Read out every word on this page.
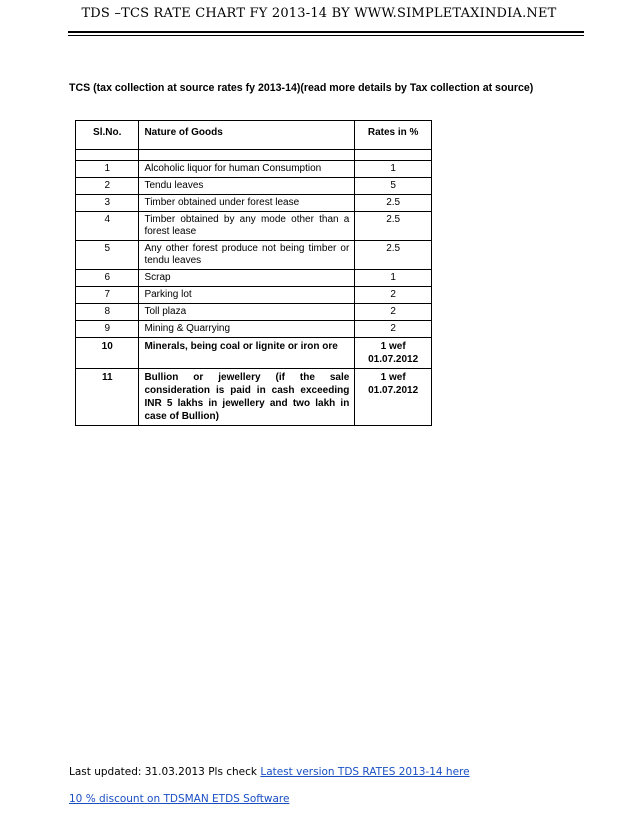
TDS –TCS RATE CHART FY 2013-14 BY WWW.SIMPLETAXINDIA.NET
TCS (tax collection at source rates fy 2013-14)(read more details by Tax collection at source)
Sl.No.	Nature of Goods	Rates in %

1	Alcoholic liquor for human Consumption	1
2	Tendu leaves	5
3	Timber obtained under forest lease	2.5
4	Timber obtained by any mode other than a forest lease	2.5
5	Any other forest produce not being timber or tendu leaves	2.5
6	Scrap	1
7	Parking lot	2
8	Toll plaza	2
9	Mining & Quarrying	2
10	Minerals, being coal or lignite or iron ore	1 wef
01.07.2012

11	Bullion or jewellery (if the sale consideration is paid in cash exceeding INR 5 lakhs in jewellery and two lakh in case of Bullion)	1 wef
01.07.2012
Last updated: 31.03.2013 Pls check Latest version TDS RATES 2013-14 here
10 % discount on TDSMAN ETDS Software
